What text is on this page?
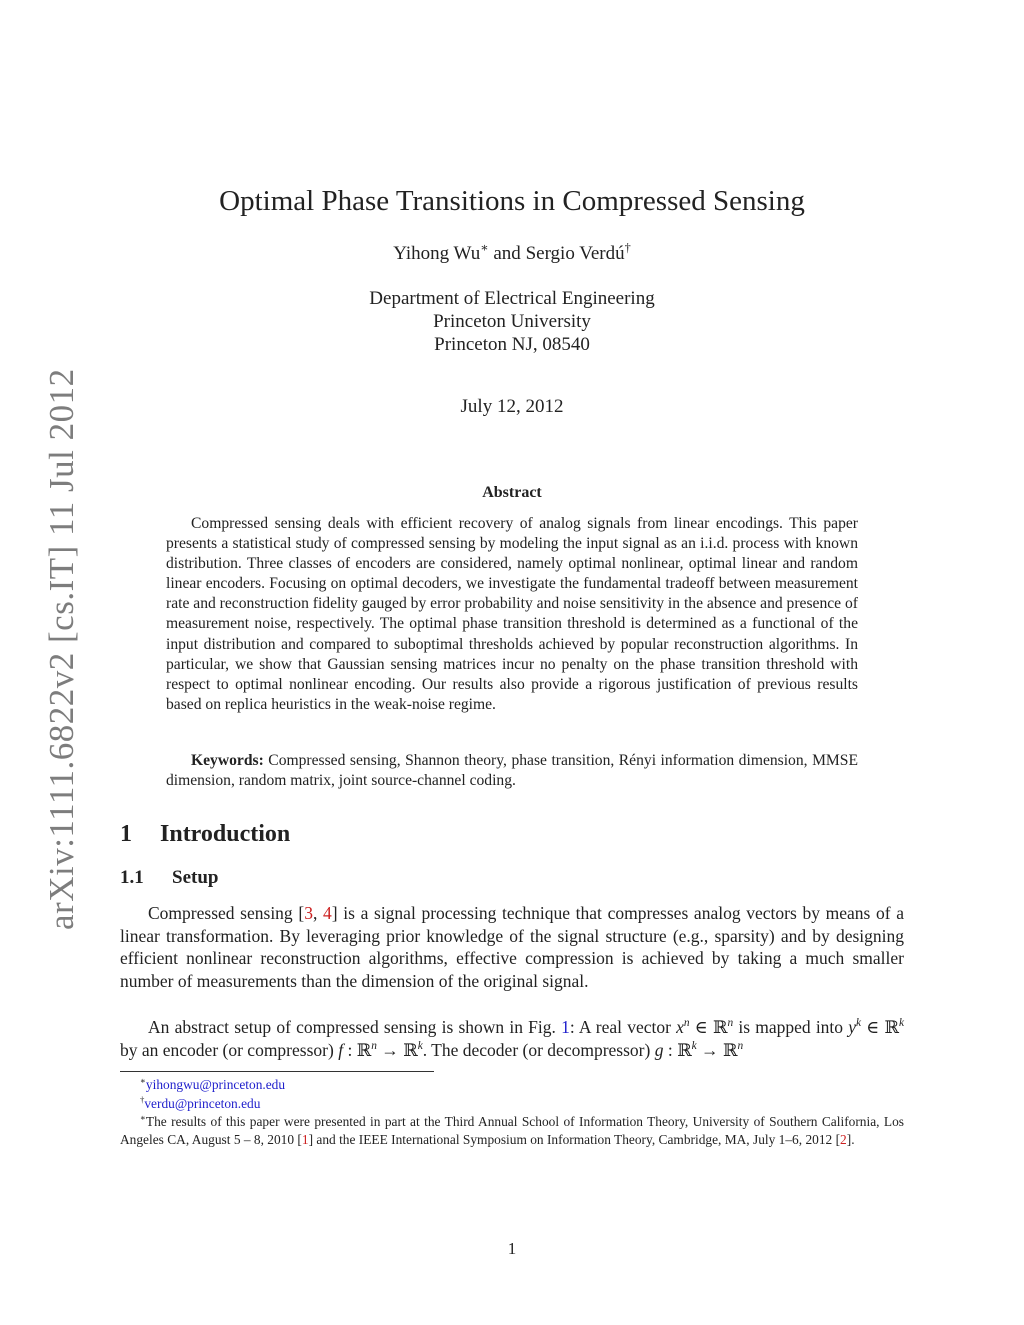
arXiv:1111.6822v2 [cs.IT] 11 Jul 2012
Optimal Phase Transitions in Compressed Sensing
Yihong Wu∗ and Sergio Verdú†
Department of Electrical Engineering
Princeton University
Princeton NJ, 08540
July 12, 2012
Abstract
Compressed sensing deals with efficient recovery of analog signals from linear encodings. This paper presents a statistical study of compressed sensing by modeling the input signal as an i.i.d. process with known distribution. Three classes of encoders are considered, namely optimal nonlinear, optimal linear and random linear encoders. Focusing on optimal decoders, we investigate the fundamental tradeoff between measurement rate and reconstruction fidelity gauged by error probability and noise sensitivity in the absence and presence of measurement noise, respectively. The optimal phase transition threshold is determined as a functional of the input distribution and compared to suboptimal thresholds achieved by popular reconstruction algorithms. In particular, we show that Gaussian sensing matrices incur no penalty on the phase transition threshold with respect to optimal nonlinear encoding. Our results also provide a rigorous justification of previous results based on replica heuristics in the weak-noise regime.
Keywords: Compressed sensing, Shannon theory, phase transition, Rényi information dimension, MMSE dimension, random matrix, joint source-channel coding.
1 Introduction
1.1 Setup
Compressed sensing [3, 4] is a signal processing technique that compresses analog vectors by means of a linear transformation. By leveraging prior knowledge of the signal structure (e.g., sparsity) and by designing efficient nonlinear reconstruction algorithms, effective compression is achieved by taking a much smaller number of measurements than the dimension of the original signal.
An abstract setup of compressed sensing is shown in Fig. 1: A real vector $x^n$ ∈ ℝ$^n$ is mapped into $y^k$ ∈ ℝ$^k$ by an encoder (or compressor) f : ℝ$^n$ → ℝ$^k$. The decoder (or decompressor) g : ℝ$^k$ → ℝ$^n$
∗yihongwu@princeton.edu
†verdu@princeton.edu
∗The results of this paper were presented in part at the Third Annual School of Information Theory, University of Southern California, Los Angeles CA, August 5 – 8, 2010 [1] and the IEEE International Symposium on Information Theory, Cambridge, MA, July 1–6, 2012 [2].
1
